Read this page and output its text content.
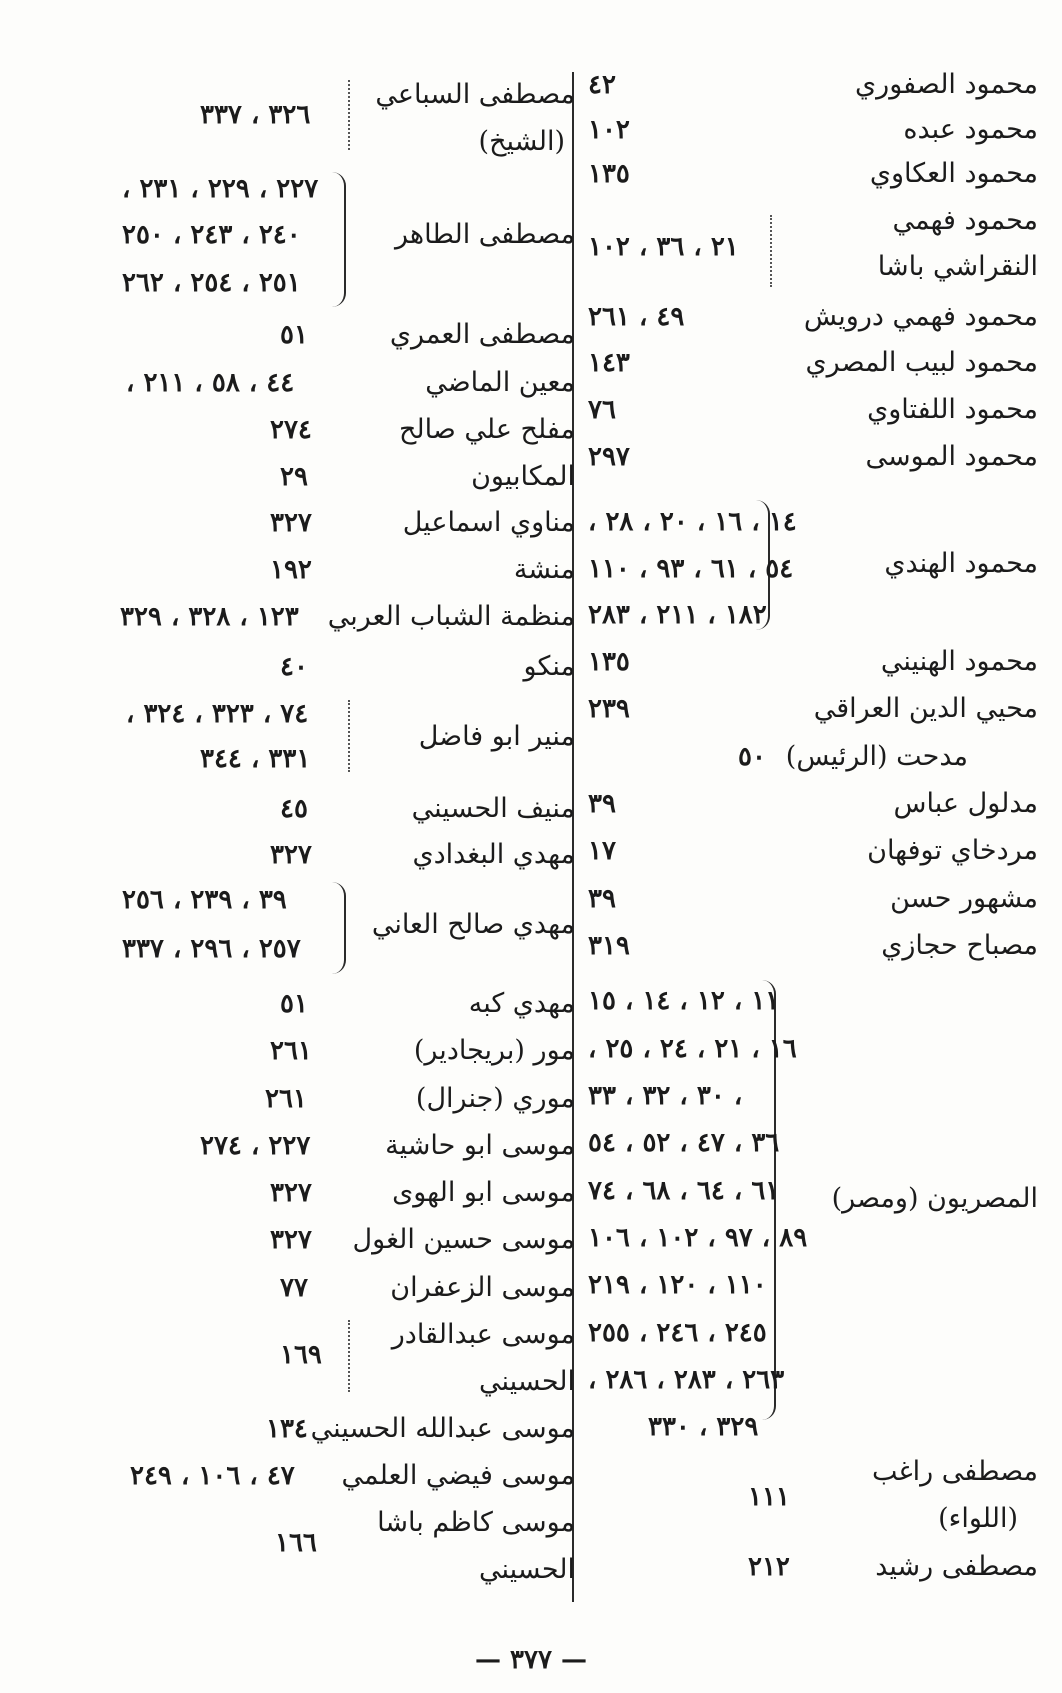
محمود الصفوري
٤٢
محمود عبده
١٠٢
محمود العكاوي
١٣٥
محمود فهمي
النقراشي باشا
٢١ ، ٣٦ ، ١٠٢
محمود فهمي درويش
٤٩ ، ٢٦١
محمود لبيب المصري
١٤٣
محمود اللفتاوي
٧٦
محمود الموسى
٢٩٧
محمود الهندي
١٤ ، ١٦ ، ٢٠ ، ٢٨ ،
٥٤ ، ٦١ ، ٩٣ ، ١١٠
١٨٢ ، ٢١١ ، ٢٨٣
محمود الهنيني
١٣٥
محيي الدين العراقي
٢٣٩
مدحت (الرئيس)
٥٠
مدلول عباس
٣٩
مردخاي توفهان
١٧
مشهور حسن
٣٩
مصباح حجازي
٣١٩
المصريون (ومصر)
١١ ، ١٢ ، ١٤ ، ١٥
١٦ ، ٢١ ، ٢٤ ، ٢٥ ،
، ٣٠ ، ٣٢ ، ٣٣
٣٦ ، ٤٧ ، ٥٢ ، ٥٤
٦١ ، ٦٤ ، ٦٨ ، ٧٤
٨٩ ، ٩٧ ، ١٠٢ ، ١٠٦
١١٠ ، ١٢٠ ، ٢١٩
٢٤٥ ، ٢٤٦ ، ٢٥٥
٢٦٣ ، ٢٨٣ ، ٢٨٦ ،
٣٢٩ ، ٣٣٠
مصطفى راغب
(اللواء)
١١١
مصطفى رشيد
٢١٢
مصطفى السباعي
٣٢٦ ، ٣٣٧
(الشيخ)
٢٢٧ ، ٢٢٩ ، ٢٣١ ،
مصطفى الطاهر
٢٤٠ ، ٢٤٣ ، ٢٥٠
٢٥١ ، ٢٥٤ ، ٢٦٢
مصطفى العمري
٥١
معين الماضي
٤٤ ، ٥٨ ، ٢١١ ،
مفلح علي صالح
٢٧٤
المكابيون
٢٩
مناوي اسماعيل
٣٢٧
منشة
١٩٢
منظمة الشباب العربي
١٢٣ ، ٣٢٨ ، ٣٢٩
منكو
٤٠
٧٤ ، ٣٢٣ ، ٣٢٤ ،
منير ابو فاضل
٣٣١ ، ٣٤٤
منيف الحسيني
٤٥
مهدي البغدادي
٣٢٧
٣٩ ، ٢٣٩ ، ٢٥٦
مهدي صالح العاني
٢٥٧ ، ٢٩٦ ، ٣٣٧
مهدي كبه
٥١
مور (بريجادير)
٢٦١
موري (جنرال)
٢٦١
موسى ابو حاشية
٢٢٧ ، ٢٧٤
موسى ابو الهوى
٣٢٧
موسى حسين الغول
٣٢٧
موسى الزعفران
٧٧
موسى عبدالقادر
١٦٩
الحسيني
موسى عبدالله الحسيني
١٣٤
موسى فيضي العلمي
٤٧ ، ١٠٦ ، ٢٤٩
موسى كاظم باشا
١٦٦
الحسيني
— ٣٧٧ —
